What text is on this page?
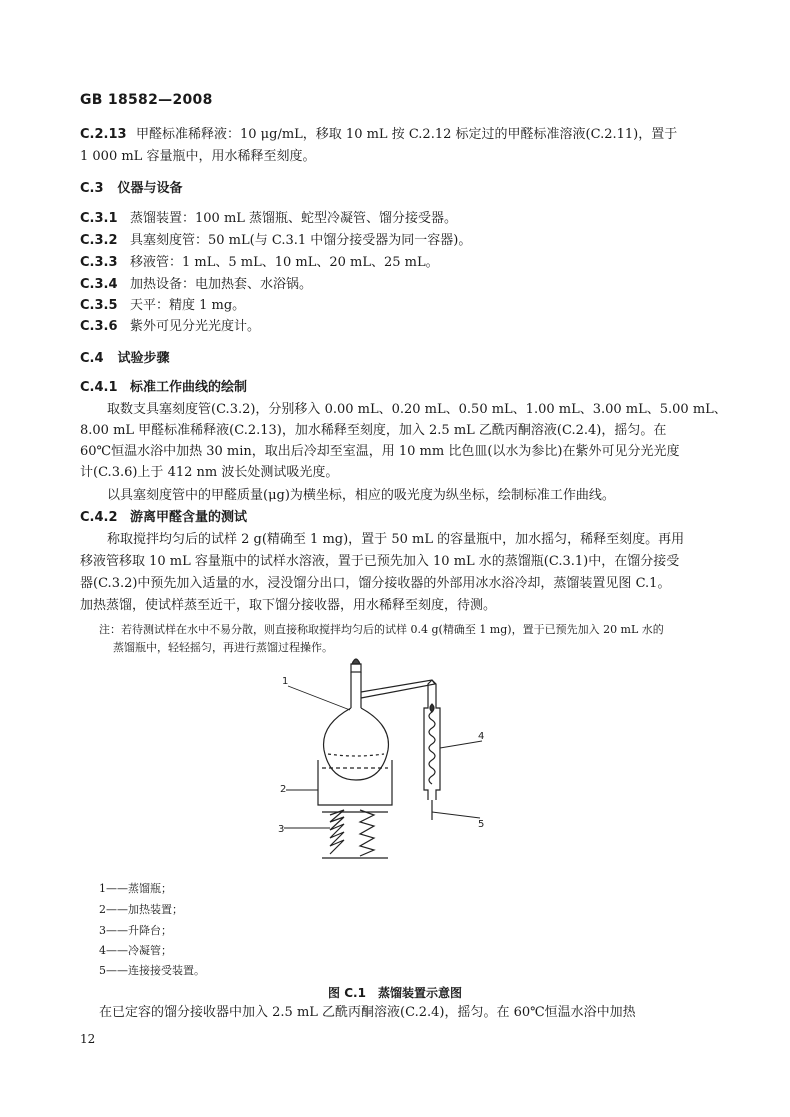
GB 18582—2008
C.2.13 甲醛标准稀释液：10 μg/mL，移取 10 mL 按 C.2.12 标定过的甲醛标准溶液(C.2.11)，置于
1 000 mL 容量瓶中，用水稀释至刻度。
C.3 仪器与设备
C.3.1 蒸馏装置：100 mL 蒸馏瓶、蛇型冷凝管、馏分接受器。
C.3.2 具塞刻度管：50 mL(与 C.3.1 中馏分接受器为同一容器)。
C.3.3 移液管：1 mL、5 mL、10 mL、20 mL、25 mL。
C.3.4 加热设备：电加热套、水浴锅。
C.3.5 天平：精度 1 mg。
C.3.6 紫外可见分光光度计。
C.4 试验步骤
C.4.1 标准工作曲线的绘制
取数支具塞刻度管(C.3.2)，分别移入 0.00 mL、0.20 mL、0.50 mL、1.00 mL、3.00 mL、5.00 mL、
8.00 mL 甲醛标准稀释液(C.2.13)，加水稀释至刻度，加入 2.5 mL 乙酰丙酮溶液(C.2.4)，摇匀。在
60℃恒温水浴中加热 30 min，取出后冷却至室温，用 10 mm 比色皿(以水为参比)在紫外可见分光光度
计(C.3.6)上于 412 nm 波长处测试吸光度。
以具塞刻度管中的甲醛质量(μg)为横坐标，相应的吸光度为纵坐标，绘制标准工作曲线。
C.4.2 游离甲醛含量的测试
称取搅拌均匀后的试样 2 g(精确至 1 mg)，置于 50 mL 的容量瓶中，加水摇匀，稀释至刻度。再用
移液管移取 10 mL 容量瓶中的试样水溶液，置于已预先加入 10 mL 水的蒸馏瓶(C.3.1)中，在馏分接受
器(C.3.2)中预先加入适量的水，浸没馏分出口，馏分接收器的外部用冰水浴冷却，蒸馏装置见图 C.1。
加热蒸馏，使试样蒸至近干，取下馏分接收器，用水稀释至刻度，待测。
注：若待测试样在水中不易分散，则直接称取搅拌均匀后的试样 0.4 g(精确至 1 mg)，置于已预先加入 20 mL 水的
蒸馏瓶中，轻轻摇匀，再进行蒸馏过程操作。
1
2
3
4
5
1——蒸馏瓶；
2——加热装置；
3——升降台；
4——冷凝管；
5——连接接受装置。
图 C.1　蒸馏装置示意图
在已定容的馏分接收器中加入 2.5 mL 乙酰丙酮溶液(C.2.4)，摇匀。在 60℃恒温水浴中加热
12
